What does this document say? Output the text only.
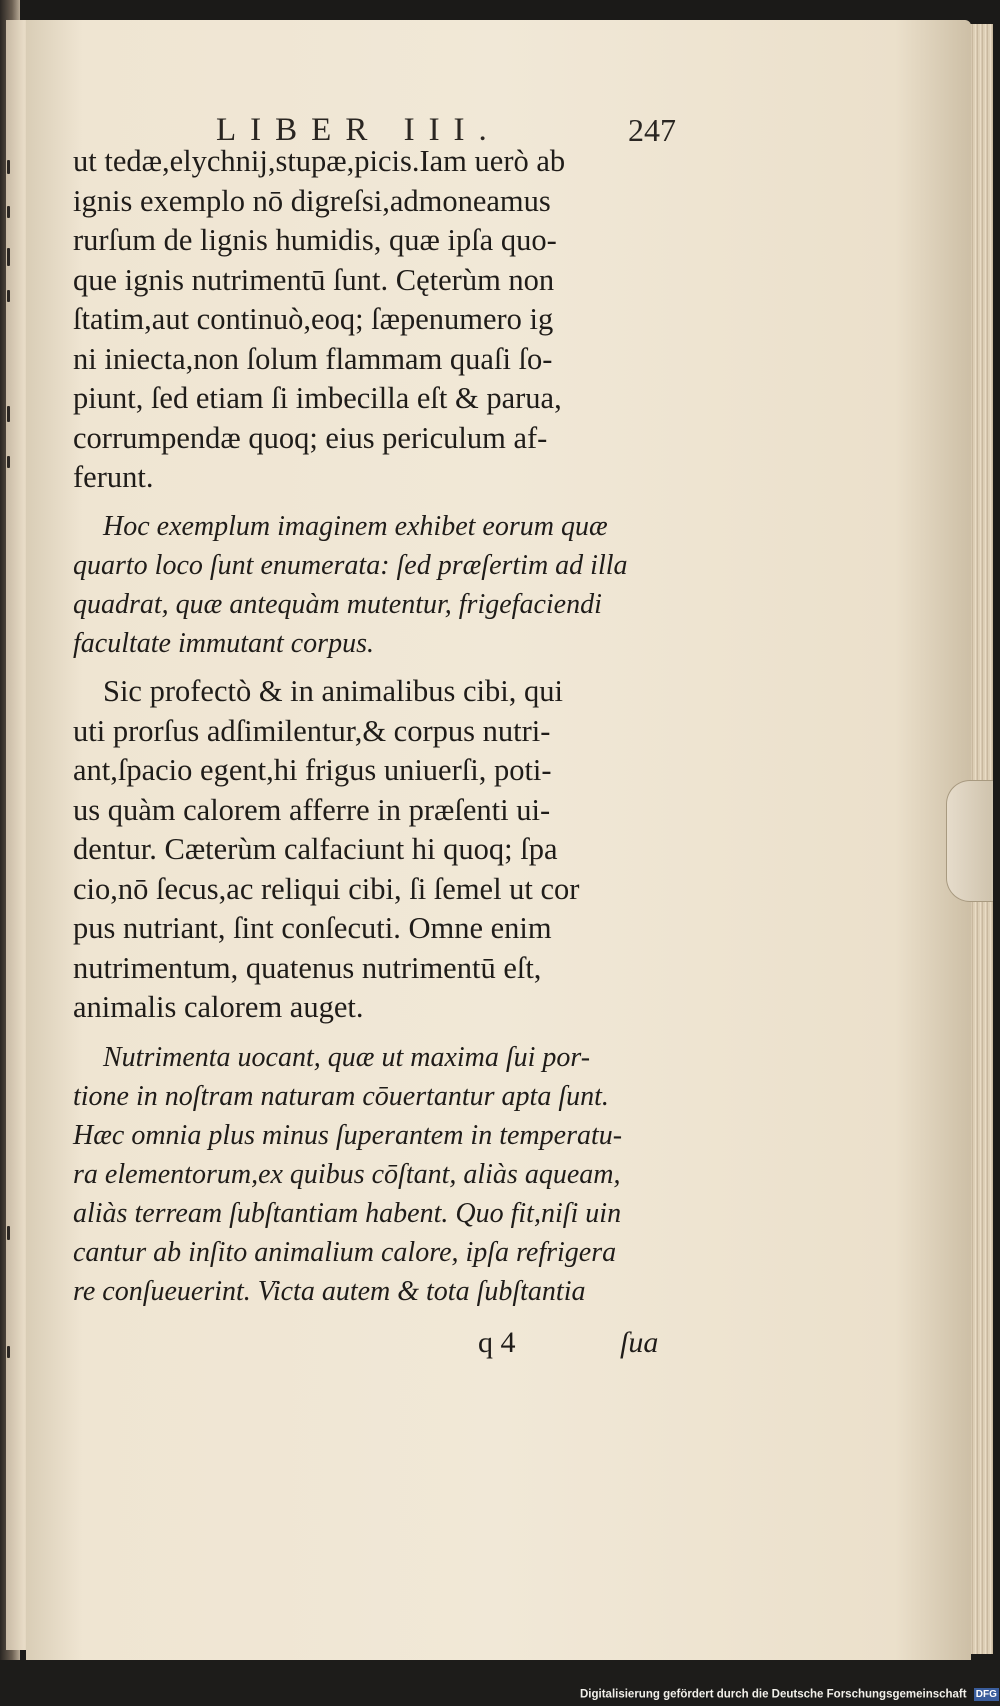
LIBER III.	247
ut tedæ,elychnij,stupæ,picis.Iam uerò ab
ignis exemplo nō digreſsi,admoneamus
rurſum de lignis humidis, quæ ipſa quo-
que ignis nutrimentū ſunt. Cęterùm non
ſtatim,aut continuò,eoq; ſæpenumero ig
ni iniecta,non ſolum flammam quaſi ſo-
piunt, ſed etiam ſi imbecilla eſt & parua,
corrumpendæ quoq; eius periculum af-
ferunt.
Hoc exemplum imaginem exhibet eorum quæ
quarto loco ſunt enumerata: ſed præſertim ad illa
quadrat, quæ antequàm mutentur, frigefaciendi
facultate immutant corpus.
Sic profectò & in animalibus cibi, qui
uti prorſus adſimilentur,& corpus nutri-
ant,ſpacio egent,hi frigus uniuerſi, poti-
us quàm calorem afferre in præſenti ui-
dentur. Cæterùm calfaciunt hi quoq; ſpa
cio,nō ſecus,ac reliqui cibi, ſi ſemel ut cor
pus nutriant, ſint conſecuti. Omne enim
nutrimentum, quatenus nutrimentū eſt,
animalis calorem auget.
Nutrimenta uocant, quæ ut maxima ſui por-
tione in noſtram naturam cōuertantur apta ſunt.
Hæc omnia plus minus ſuperantem in temperatu-
ra elementorum,ex quibus cōſtant, aliàs aqueam,
aliàs terream ſubſtantiam habent. Quo fit,niſi uin
cantur ab inſito animalium calore, ipſa refrigera
re conſueuerint. Victa autem & tota ſubſtantia
q 4	ſua
Digitalisierung gefördert durch die Deutsche Forschungsgemeinschaft DFG
